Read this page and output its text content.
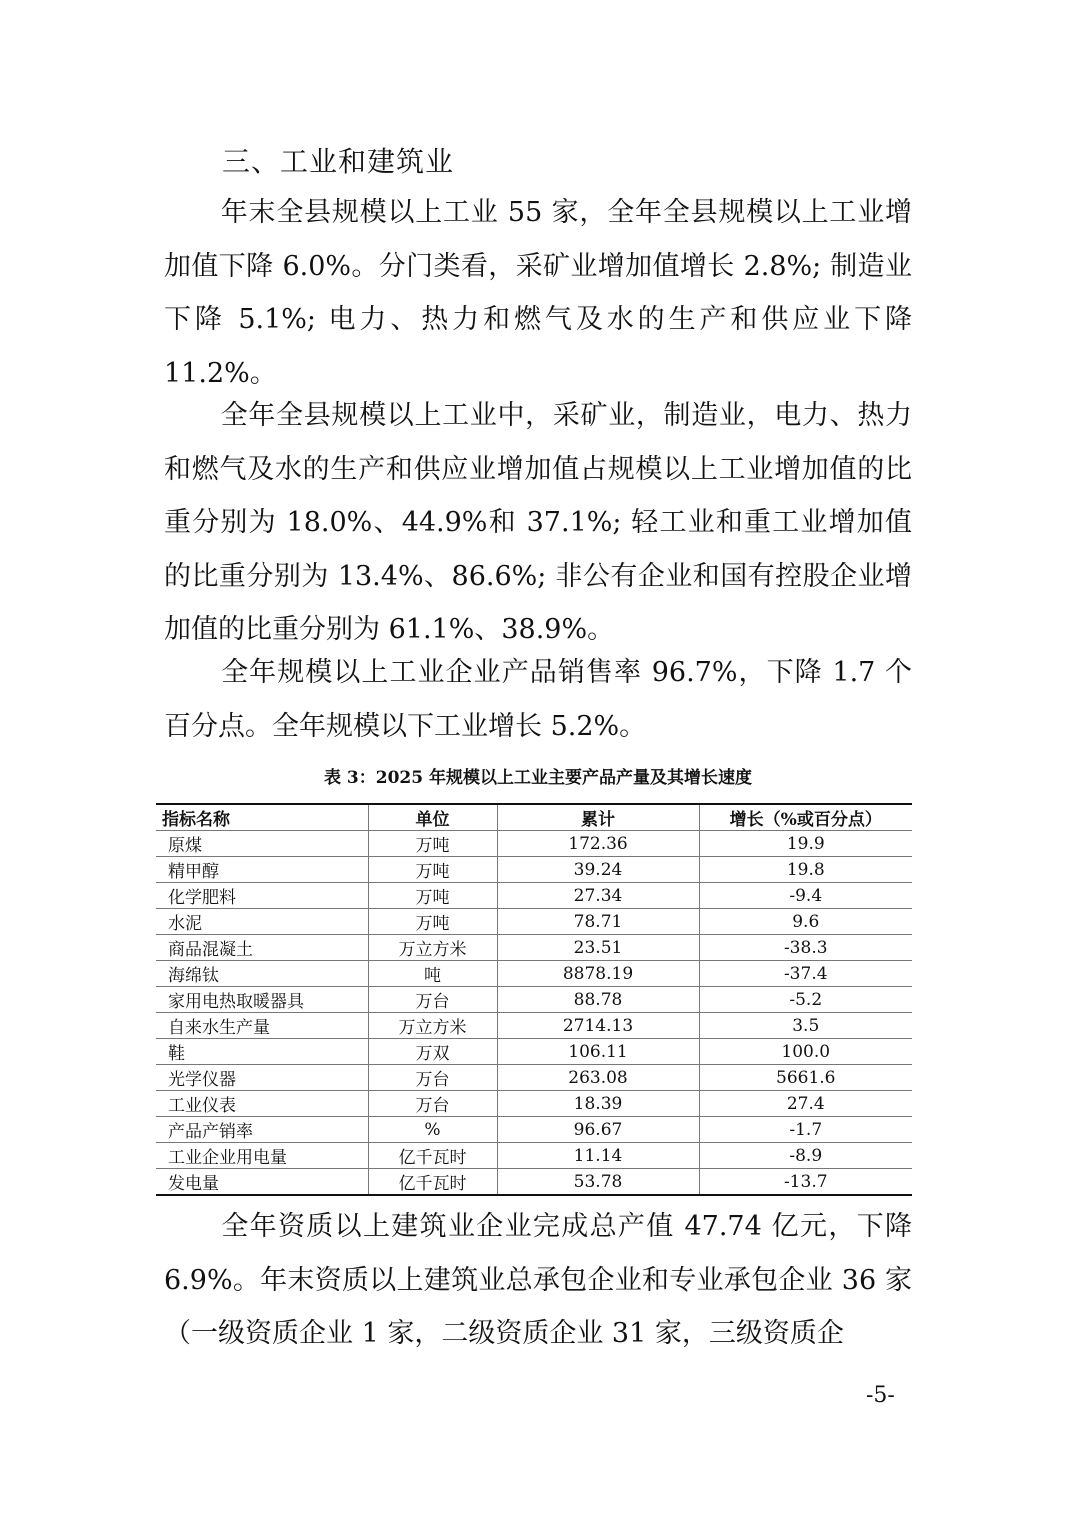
三、工业和建筑业

年末全县规模以上工业 55 家，全年全县规模以上工业增加值下降 6.0%。分门类看，采矿业增加值增长 2.8%; 制造业下降 5.1%; 电力、热力和燃气及水的生产和供应业下降 11.2%。

全年全县规模以上工业中，采矿业，制造业，电力、热力和燃气及水的生产和供应业增加值占规模以上工业增加值的比重分别为 18.0%、44.9%和 37.1%; 轻工业和重工业增加值的比重分别为 13.4%、86.6%; 非公有企业和国有控股企业增加值的比重分别为 61.1%、38.9%。

全年规模以上工业企业产品销售率 96.7%，下降 1.7 个百分点。全年规模以下工业增长 5.2%。

表 3：2025 年规模以上工业主要产品产量及其增长速度
指标名称	单位	累计	增长（%或百分点）
原煤	万吨	172.36	19.9
精甲醇	万吨	39.24	19.8
化学肥料	万吨	27.34	-9.4
水泥	万吨	78.71	9.6
商品混凝土	万立方米	23.51	-38.3
海绵钛	吨	8878.19	-37.4
家用电热取暖器具	万台	88.78	-5.2
自来水生产量	万立方米	2714.13	3.5
鞋	万双	106.11	100.0
光学仪器	万台	263.08	5661.6
工业仪表	万台	18.39	27.4
产品产销率	%	96.67	-1.7
工业企业用电量	亿千瓦时	11.14	-8.9
发电量	亿千瓦时	53.78	-13.7

全年资质以上建筑业企业完成总产值 47.74 亿元，下降 6.9%。年末资质以上建筑业总承包企业和专业承包企业 36 家（一级资质企业 1 家，二级资质企业 31 家，三级资质企

-5-
